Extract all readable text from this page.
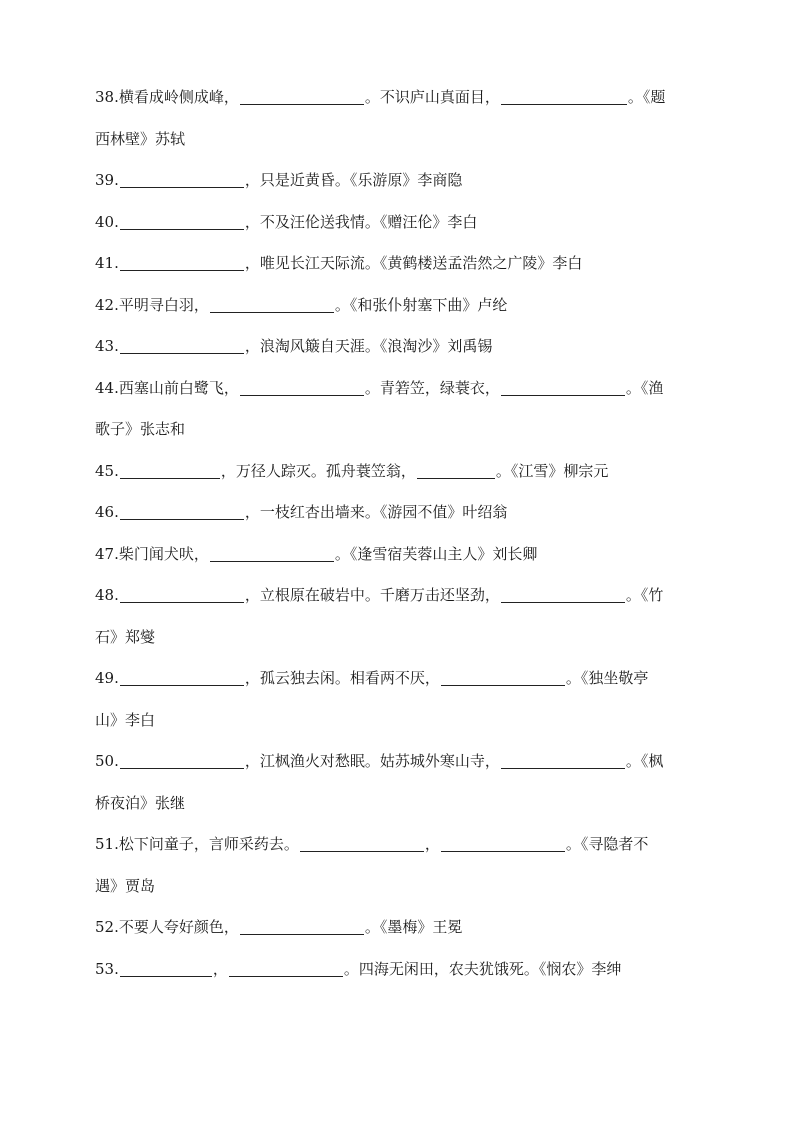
38.横看成岭侧成峰，	。不识庐山真面目，	。《题
西林壁》苏轼
39.	，只是近黄昏。《乐游原》李商隐
40.	，不及汪伦送我情。《赠汪伦》李白
41.	，唯见长江天际流。《黄鹤楼送孟浩然之广陵》李白
42.平明寻白羽，	。《和张仆射塞下曲》卢纶
43.	，浪淘风簸自天涯。《浪淘沙》刘禹锡
44.西塞山前白鹭飞，	。青箬笠，绿蓑衣，	。《渔
歌子》张志和
45.	，万径人踪灭。孤舟蓑笠翁，	。《江雪》柳宗元
46.	，一枝红杏出墙来。《游园不值》叶绍翁
47.柴门闻犬吠，	。《逢雪宿芙蓉山主人》刘长卿
48.	，立根原在破岩中。千磨万击还坚劲，	。《竹
石》郑燮
49.	，孤云独去闲。相看两不厌，	。《独坐敬亭
山》李白
50.	，江枫渔火对愁眠。姑苏城外寒山寺，	。《枫
桥夜泊》张继
51.松下问童子，言师采药去。	，	。《寻隐者不
遇》贾岛
52.不要人夸好颜色，	。《墨梅》王冕
53.	，	。四海无闲田，农夫犹饿死。《悯农》李绅
